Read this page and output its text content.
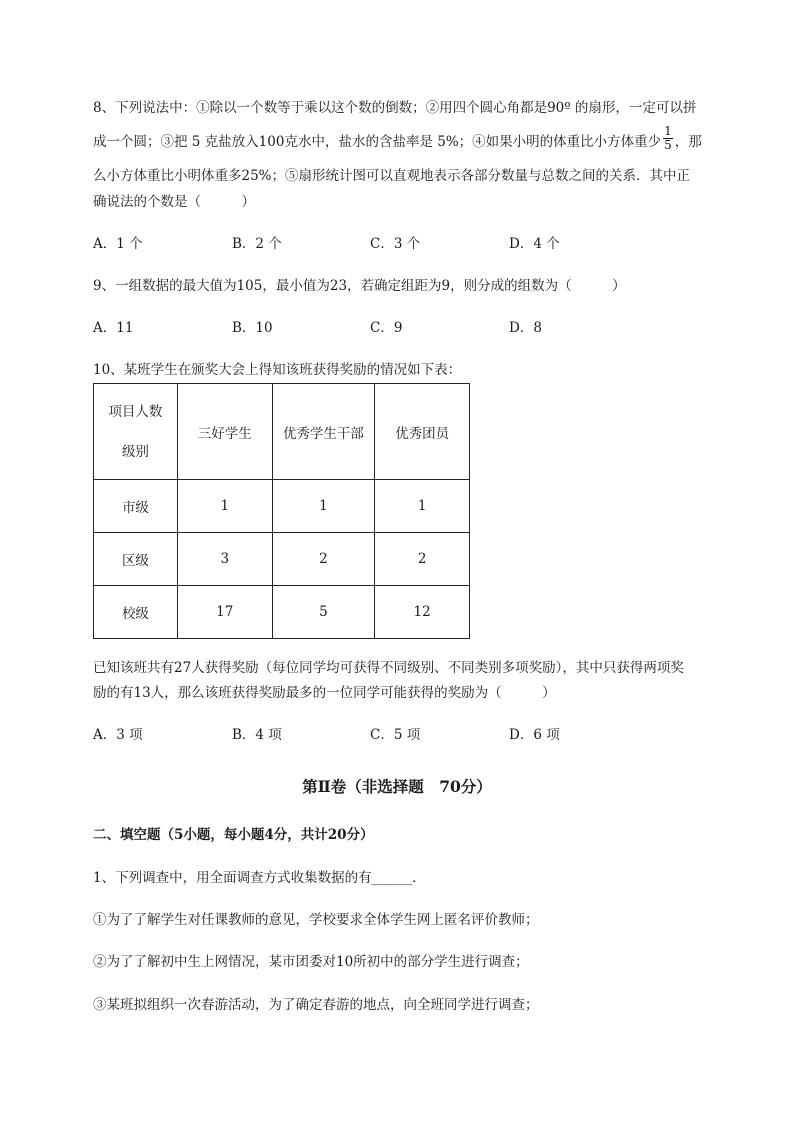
8、下列说法中：①除以一个数等于乘以这个数的倒数；②用四个圆心角都是90º 的扇形，一定可以拼
成一个圆；③把 5 克盐放入100克水中，盐水的含盐率是 5%；④如果小明的体重比小方体重少 $\frac{1}{5}$ ，那
么小方体重比小明体重多25%；⑤扇形统计图可以直观地表示各部分数量与总数之间的关系．其中正
确说法的个数是（　　　）
A．1 个	B．2 个	C．3 个	D．4 个
9、一组数据的最大值为105，最小值为23，若确定组距为9，则分成的组数为（　　　）
A．11	B．10	C．9	D．8
10、某班学生在颁奖大会上得知该班获得奖励的情况如下表：
项目人数
级别	三好学生	优秀学生干部	优秀团员
市级	1	1	1
区级	3	2	2
校级	17	5	12
已知该班共有27人获得奖励（每位同学均可获得不同级别、不同类别多项奖励），其中只获得两项奖
励的有13人，那么该班获得奖励最多的一位同学可能获得的奖励为（　　　）
A．3 项	B．4 项	C．5 项	D．6 项
第Ⅱ卷（非选择题　70分）
二、填空题（5小题，每小题4分，共计20分）
1、下列调查中，用全面调查方式收集数据的有______．
①为了了解学生对任课教师的意见，学校要求全体学生网上匿名评价教师；
②为了了解初中生上网情况，某市团委对10所初中的部分学生进行调查；
③某班拟组织一次春游活动，为了确定春游的地点，向全班同学进行调查；
